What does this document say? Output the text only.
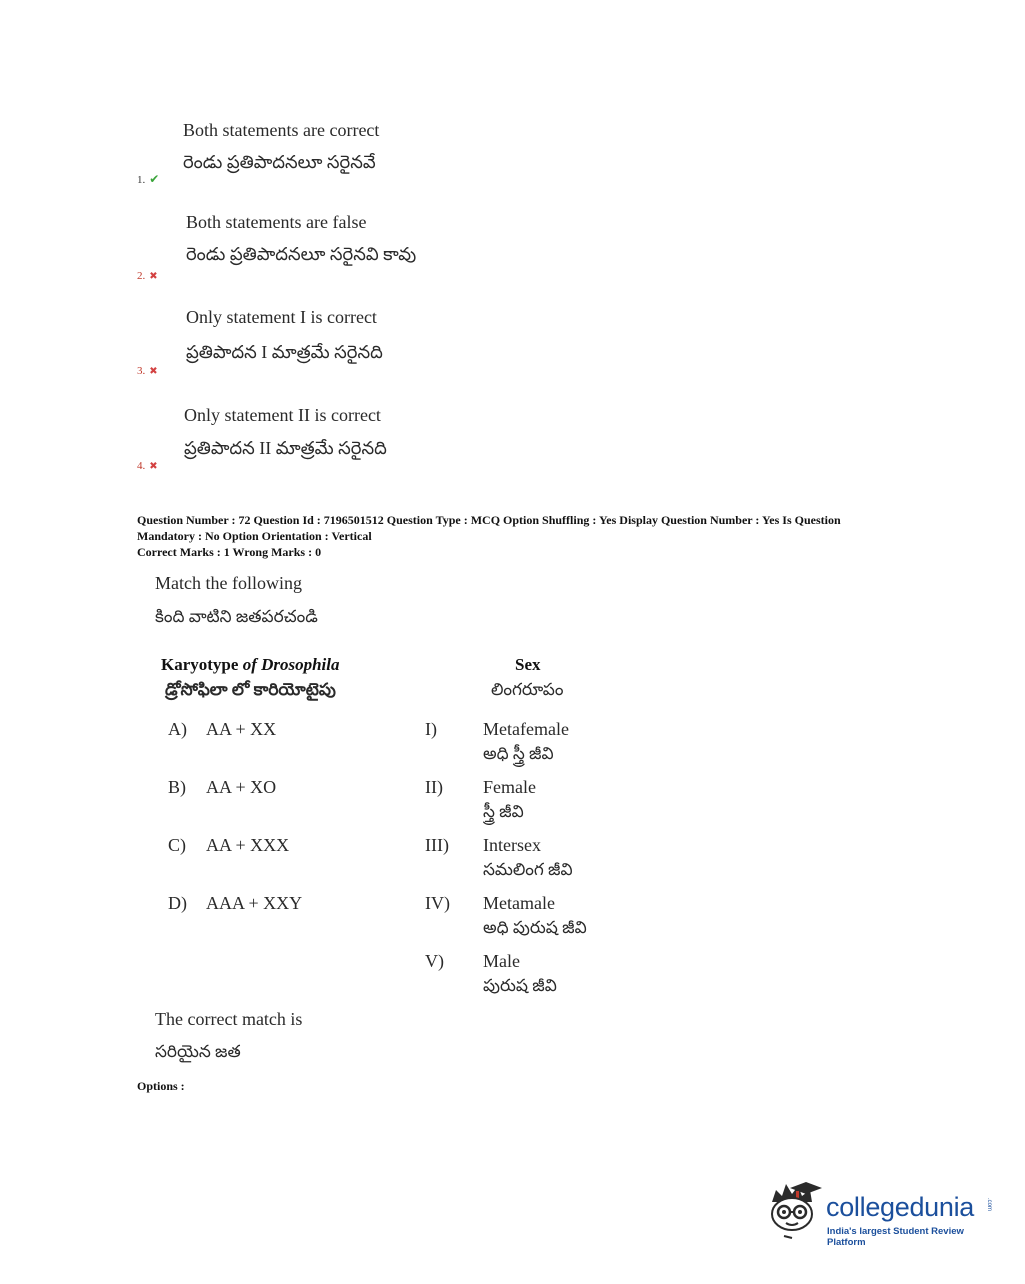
Both statements are correct
రెండు ప్రతిపాదనలూ సరైనవే
1. ✔
Both statements are false
రెండు ప్రతిపాదనలూ సరైనవి కావు
2. ✖
Only statement I is correct
ప్రతిపాదన I మాత్రమే సరైనది
3. ✖
Only statement II is correct
ప్రతిపాదన II మాత్రమే సరైనది
4. ✖
Question Number : 72 Question Id : 7196501512 Question Type : MCQ Option Shuffling : Yes Display Question Number : Yes Is Question
Mandatory : No Option Orientation : Vertical
Correct Marks : 1 Wrong Marks : 0
Match the following
కింది వాటిని జతపరచండి
Karyotype of Drosophila
డ్రోసోఫిలా లో కారియోటైపు
Sex
లింగరూపం
A) AA + XX
B) AA + XO
C) AA + XXX
D) AAA + XXY
I)	Metafemale
అధి స్త్రీ జీవి
II) Female
స్త్రీ జీవి
III) Intersex
సమలింగ జీవి
IV) Metamale
అధి పురుష జీవి
V) Male
పురుష జీవి
The correct match is
సరియైన జత
Options :
collegedunia .com
India's largest Student Review Platform
